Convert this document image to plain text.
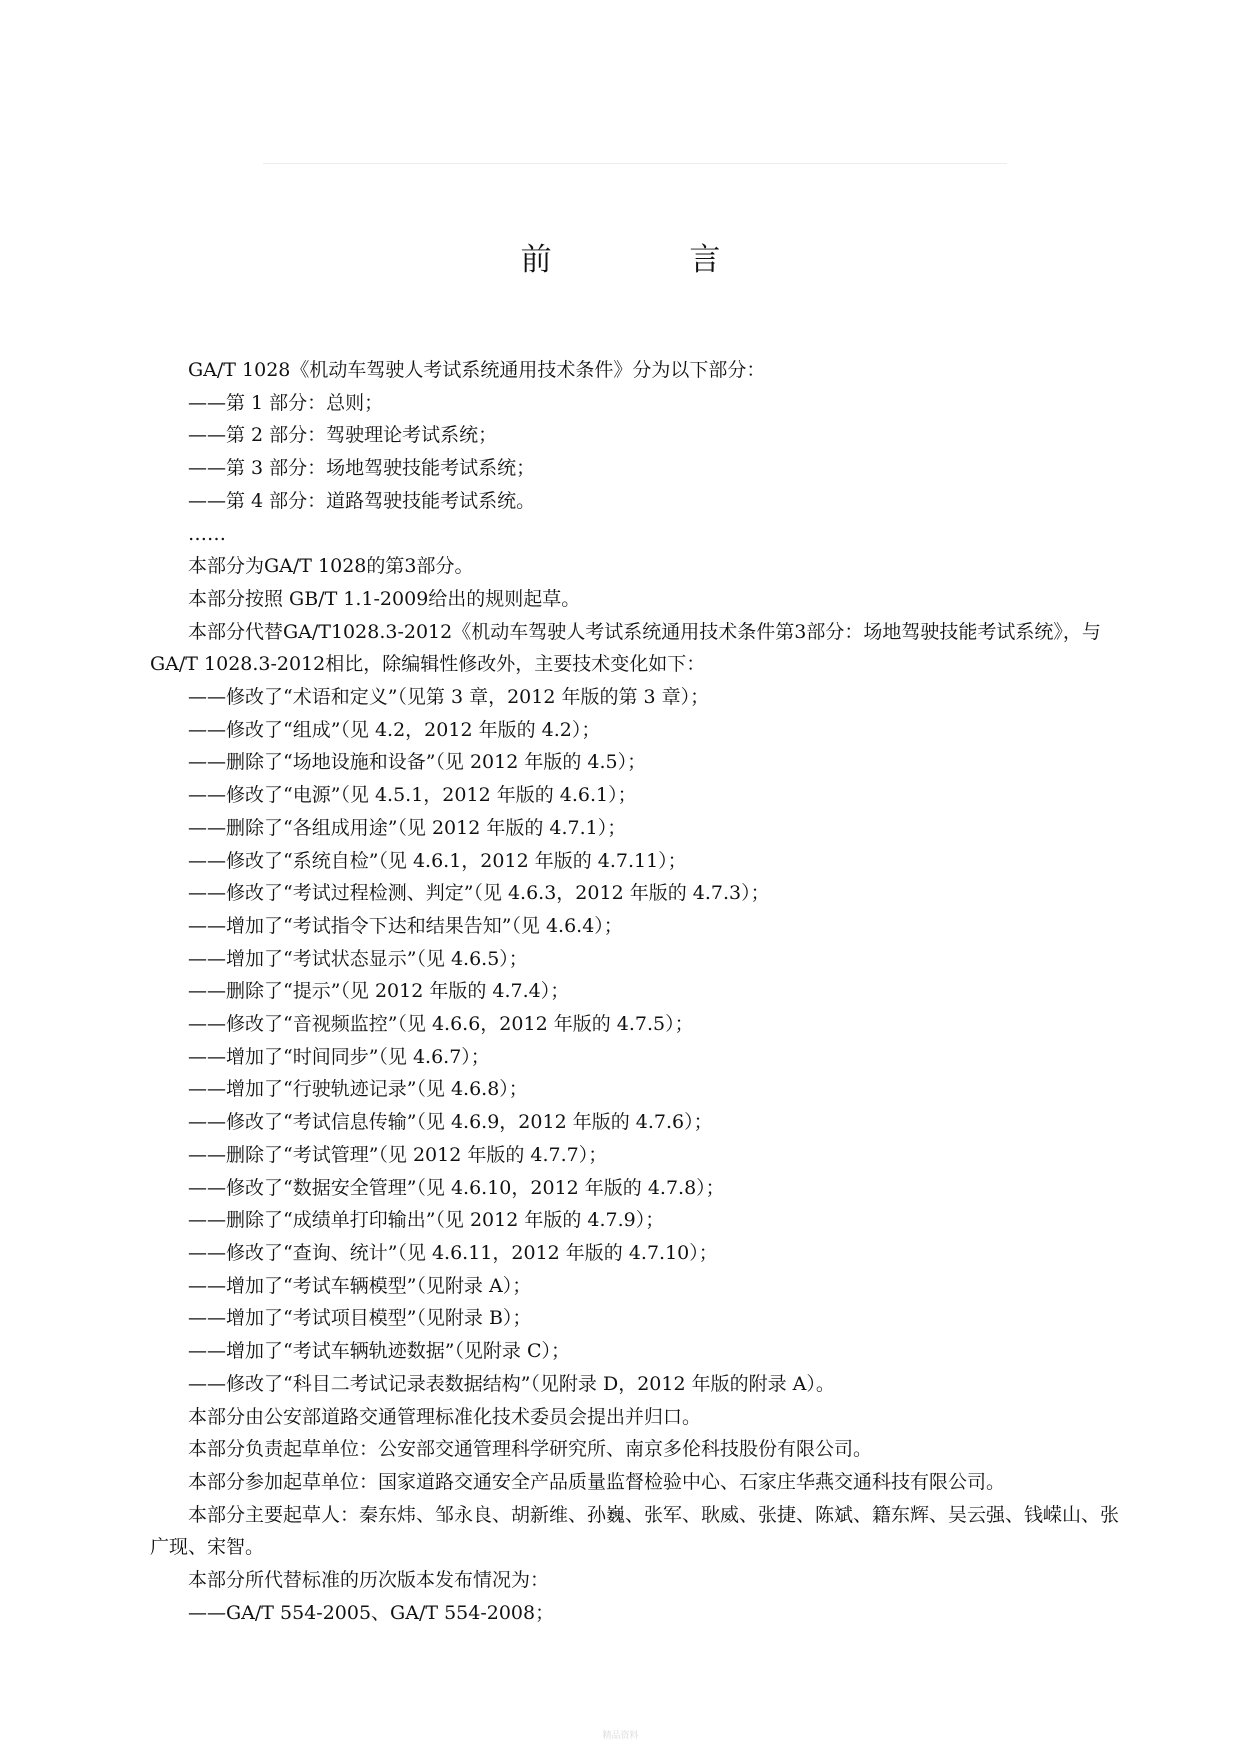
前 言

GA/T 1028《机动车驾驶人考试系统通用技术条件》分为以下部分：

——第 1 部分：总则；

——第 2 部分：驾驶理论考试系统；

——第 3 部分：场地驾驶技能考试系统；

——第 4 部分：道路驾驶技能考试系统。

……

本部分为GA/T 1028的第3部分。

本部分按照 GB/T 1.1-2009给出的规则起草。

本部分代替GA/T1028.3-2012《机动车驾驶人考试系统通用技术条件第3部分：场地驾驶技能考试系统》，与GA/T 1028.3-2012相比，除编辑性修改外，主要技术变化如下：

——修改了“术语和定义”（见第 3 章，2012 年版的第 3 章）；

——修改了“组成”（见 4.2，2012 年版的 4.2）；

——删除了“场地设施和设备”（见 2012 年版的 4.5）；

——修改了“电源”（见 4.5.1，2012 年版的 4.6.1）；

——删除了“各组成用途”（见 2012 年版的 4.7.1）；

——修改了“系统自检”（见 4.6.1，2012 年版的 4.7.11）；

——修改了“考试过程检测、判定”（见 4.6.3，2012 年版的 4.7.3）；

——增加了“考试指令下达和结果告知”（见 4.6.4）；

——增加了“考试状态显示”（见 4.6.5）；

——删除了“提示”（见 2012 年版的 4.7.4）；

——修改了“音视频监控”（见 4.6.6，2012 年版的 4.7.5）；

——增加了“时间同步”（见 4.6.7）；

——增加了“行驶轨迹记录”（见 4.6.8）；

——修改了“考试信息传输”（见 4.6.9，2012 年版的 4.7.6）；

——删除了“考试管理”（见 2012 年版的 4.7.7）；

——修改了“数据安全管理”（见 4.6.10，2012 年版的 4.7.8）；

——删除了“成绩单打印输出”（见 2012 年版的 4.7.9）；

——修改了“查询、统计”（见 4.6.11，2012 年版的 4.7.10）；

——增加了“考试车辆模型”（见附录 A）；

——增加了“考试项目模型”（见附录 B）；

——增加了“考试车辆轨迹数据”（见附录 C）；

——修改了“科目二考试记录表数据结构”（见附录 D，2012 年版的附录 A）。

本部分由公安部道路交通管理标准化技术委员会提出并归口。

本部分负责起草单位：公安部交通管理科学研究所、南京多伦科技股份有限公司。

本部分参加起草单位：国家道路交通安全产品质量监督检验中心、石家庄华燕交通科技有限公司。

本部分主要起草人：秦东炜、邹永良、胡新维、孙巍、张军、耿威、张捷、陈斌、籍东辉、吴云强、钱嵘山、张广现、宋智。

本部分所代替标准的历次版本发布情况为：

——GA/T 554-2005、GA/T 554-2008；

精品资料
